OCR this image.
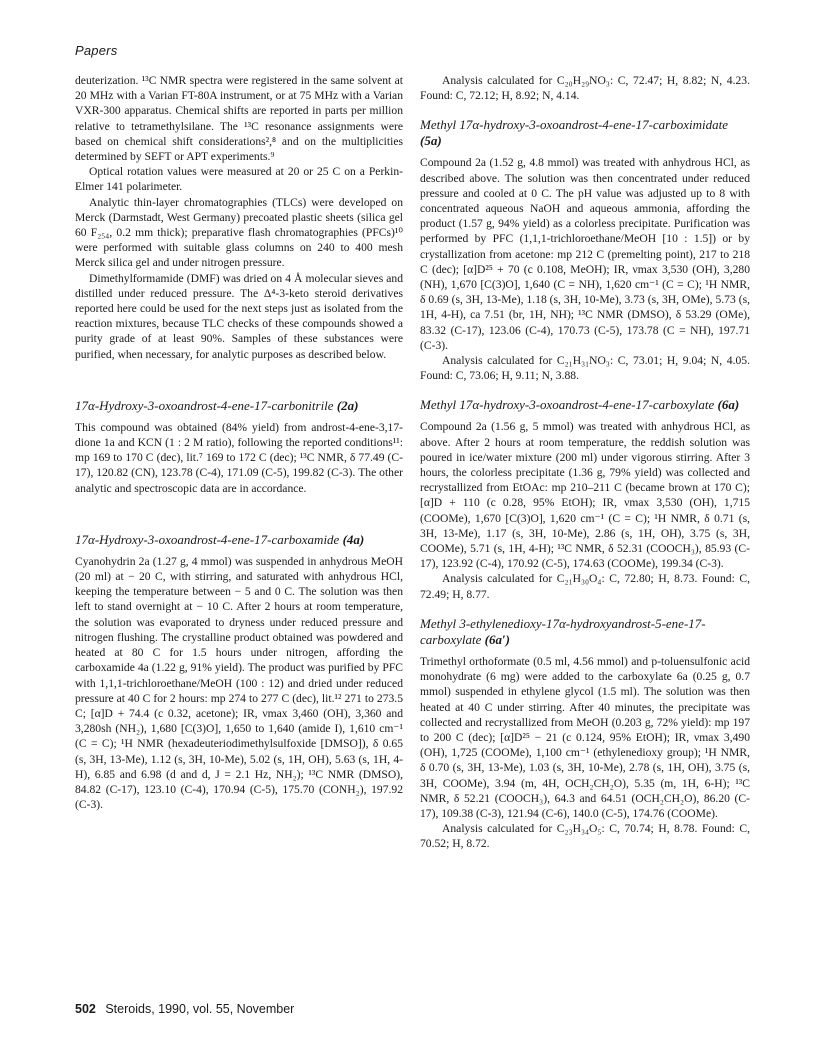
Papers

deuterization. ¹³C NMR spectra were registered in the same solvent at 20 MHz with a Varian FT-80A instrument, or at 75 MHz with a Varian VXR-300 apparatus. Chemical shifts are reported in parts per million relative to tetramethylsilane. The ¹³C resonance assignments were based on chemical shift considerations²,⁸ and on the multiplicities determined by SEFT or APT experiments.⁹

Optical rotation values were measured at 20 or 25 C on a Perkin-Elmer 141 polarimeter.

Analytic thin-layer chromatographies (TLCs) were developed on Merck (Darmstadt, West Germany) precoated plastic sheets (silica gel 60 F₂₅₄, 0.2 mm thick); preparative flash chromatographies (PFCs)¹⁰ were performed with suitable glass columns on 240 to 400 mesh Merck silica gel and under nitrogen pressure.

Dimethylformamide (DMF) was dried on 4 Å molecular sieves and distilled under reduced pressure. The Δ⁴-3-keto steroid derivatives reported here could be used for the next steps just as isolated from the reaction mixtures, because TLC checks of these compounds showed a purity grade of at least 90%. Samples of these substances were purified, when necessary, for analytic purposes as described below.

17α-Hydroxy-3-oxoandrost-4-ene-17-carbonitrile (2a)

This compound was obtained (84% yield) from androst-4-ene-3,17-dione 1a and KCN (1 : 2 M ratio), following the reported conditions¹¹: mp 169 to 170 C (dec), lit.⁷ 169 to 172 C (dec); ¹³C NMR, δ 77.49 (C-17), 120.82 (CN), 123.78 (C-4), 171.09 (C-5), 199.82 (C-3). The other analytic and spectroscopic data are in accordance.

17α-Hydroxy-3-oxoandrost-4-ene-17-carboxamide (4a)

Cyanohydrin 2a (1.27 g, 4 mmol) was suspended in anhydrous MeOH (20 ml) at − 20 C, with stirring, and saturated with anhydrous HCl, keeping the temperature between − 5 and 0 C. The solution was then left to stand overnight at − 10 C. After 2 hours at room temperature, the solution was evaporated to dryness under reduced pressure and nitrogen flushing. The crystalline product obtained was powdered and heated at 80 C for 1.5 hours under nitrogen, affording the carboxamide 4a (1.22 g, 91% yield). The product was purified by PFC with 1,1,1-trichloroethane/MeOH (100 : 12) and dried under reduced pressure at 40 C for 2 hours: mp 274 to 277 C (dec), lit.¹² 271 to 273.5 C; [α]D + 74.4 (c 0.32, acetone); IR, νmax 3,460 (OH), 3,360 and 3,280sh (NH₂), 1,680 [C(3)O], 1,650 to 1,640 (amide I), 1,610 cm⁻¹ (C = C); ¹H NMR (hexadeuteriodimethylsulfoxide [DMSO]), δ 0.65 (s, 3H, 13-Me), 1.12 (s, 3H, 10-Me), 5.02 (s, 1H, OH), 5.63 (s, 1H, 4-H), 6.85 and 6.98 (d and d, J = 2.1 Hz, NH₂); ¹³C NMR (DMSO), 84.82 (C-17), 123.10 (C-4), 170.94 (C-5), 175.70 (CONH₂), 197.92 (C-3).

Analysis calculated for C₂₀H₂₉NO₃: C, 72.47; H, 8.82; N, 4.23. Found: C, 72.12; H, 8.92; N, 4.14.

Methyl 17α-hydroxy-3-oxoandrost-4-ene-17-carboximidate (5a)

Compound 2a (1.52 g, 4.8 mmol) was treated with anhydrous HCl, as described above. The solution was then concentrated under reduced pressure and cooled at 0 C. The pH value was adjusted up to 8 with concentrated aqueous NaOH and aqueous ammonia, affording the product (1.57 g, 94% yield) as a colorless precipitate. Purification was performed by PFC (1,1,1-trichloroethane/MeOH [10 : 1.5]) or by crystallization from acetone: mp 212 C (premelting point), 217 to 218 C (dec); [α]D²⁵ + 70 (c 0.108, MeOH); IR, νmax 3,530 (OH), 3,280 (NH), 1,670 [C(3)O], 1,640 (C = NH), 1,620 cm⁻¹ (C = C); ¹H NMR, δ 0.69 (s, 3H, 13-Me), 1.18 (s, 3H, 10-Me), 3.73 (s, 3H, OMe), 5.73 (s, 1H, 4-H), ca 7.51 (br, 1H, NH); ¹³C NMR (DMSO), δ 53.29 (OMe), 83.32 (C-17), 123.06 (C-4), 170.73 (C-5), 173.78 (C = NH), 197.71 (C-3).

Analysis calculated for C₂₁H₃₁NO₃: C, 73.01; H, 9.04; N, 4.05. Found: C, 73.06; H, 9.11; N, 3.88.

Methyl 17α-hydroxy-3-oxoandrost-4-ene-17-carboxylate (6a)

Compound 2a (1.56 g, 5 mmol) was treated with anhydrous HCl, as above. After 2 hours at room temperature, the reddish solution was poured in ice/water mixture (200 ml) under vigorous stirring. After 3 hours, the colorless precipitate (1.36 g, 79% yield) was collected and recrystallized from EtOAc: mp 210–211 C (became brown at 170 C); [α]D + 110 (c 0.28, 95% EtOH); IR, νmax 3,530 (OH), 1,715 (COOMe), 1,670 [C(3)O], 1,620 cm⁻¹ (C = C); ¹H NMR, δ 0.71 (s, 3H, 13-Me), 1.17 (s, 3H, 10-Me), 2.86 (s, 1H, OH), 3.75 (s, 3H, COOMe), 5.71 (s, 1H, 4-H); ¹³C NMR, δ 52.31 (COOCH₃), 85.93 (C-17), 123.92 (C-4), 170.92 (C-5), 174.63 (COOMe), 199.34 (C-3).

Analysis calculated for C₂₁H₃₀O₄: C, 72.80; H, 8.73. Found: C, 72.49; H, 8.77.

Methyl 3-ethylenedioxy-17α-hydroxyandrost-5-ene-17-carboxylate (6a′)

Trimethyl orthoformate (0.5 ml, 4.56 mmol) and p-toluensulfonic acid monohydrate (6 mg) were added to the carboxylate 6a (0.25 g, 0.7 mmol) suspended in ethylene glycol (1.5 ml). The solution was then heated at 40 C under stirring. After 40 minutes, the precipitate was collected and recrystallized from MeOH (0.203 g, 72% yield): mp 197 to 200 C (dec); [α]D²⁵ − 21 (c 0.124, 95% EtOH); IR, νmax 3,490 (OH), 1,725 (COOMe), 1,100 cm⁻¹ (ethylenedioxy group); ¹H NMR, δ 0.70 (s, 3H, 13-Me), 1.03 (s, 3H, 10-Me), 2.78 (s, 1H, OH), 3.75 (s, 3H, COOMe), 3.94 (m, 4H, OCH₂CH₂O), 5.35 (m, 1H, 6-H); ¹³C NMR, δ 52.21 (COOCH₃), 64.3 and 64.51 (OCH₂CH₂O), 86.20 (C-17), 109.38 (C-3), 121.94 (C-6), 140.0 (C-5), 174.76 (COOMe).

Analysis calculated for C₂₃H₃₄O₅: C, 70.74; H, 8.78. Found: C, 70.52; H, 8.72.

502 Steroids, 1990, vol. 55, November
